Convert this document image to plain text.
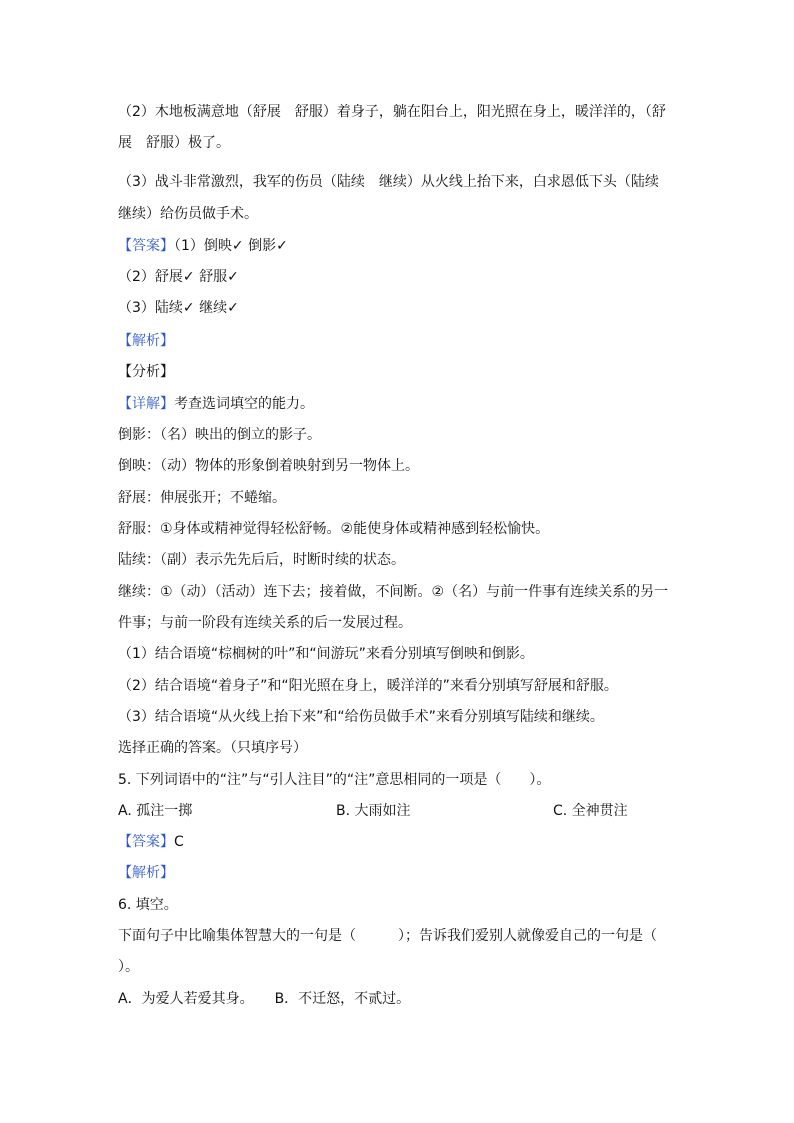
（2）木地板满意地（舒展　舒服）着身子，躺在阳台上，阳光照在身上，暖洋洋的，（舒
展　舒服）极了。
（3）战斗非常激烈，我军的伤员（陆续　继续）从火线上抬下来，白求恩低下头（陆续
继续）给伤员做手术。
【答案】（1）倒映✓ 倒影✓
（2）舒展✓ 舒服✓
（3）陆续✓ 继续✓
【解析】
【分析】
【详解】考查选词填空的能力。
倒影：（名）映出的倒立的影子。
倒映：（动）物体的形象倒着映射到另一物体上。
舒展：伸展张开；不蜷缩。
舒服：①身体或精神觉得轻松舒畅。②能使身体或精神感到轻松愉快。
陆续：（副）表示先先后后，时断时续的状态。
继续：①（动）（活动）连下去；接着做，不间断。②（名）与前一件事有连续关系的另一
件事；与前一阶段有连续关系的后一发展过程。
（1）结合语境“棕榈树的叶”和“间游玩”来看分别填写倒映和倒影。
（2）结合语境“着身子”和“阳光照在身上，暖洋洋的”来看分别填写舒展和舒服。
（3）结合语境“从火线上抬下来”和“给伤员做手术”来看分别填写陆续和继续。
选择正确的答案。（只填序号）
5. 下列词语中的“注”与“引人注目”的“注”意思相同的一项是（　　）。
【答案】C
【解析】
6. 填空。
下面句子中比喻集体智慧大的一句是（　　　）；告诉我们爱别人就像爱自己的一句是（
）。
A．为爱人若爱其身。　　B．不迁怒，不贰过。
A. 孤注一掷	B. 大雨如注	C. 全神贯注
